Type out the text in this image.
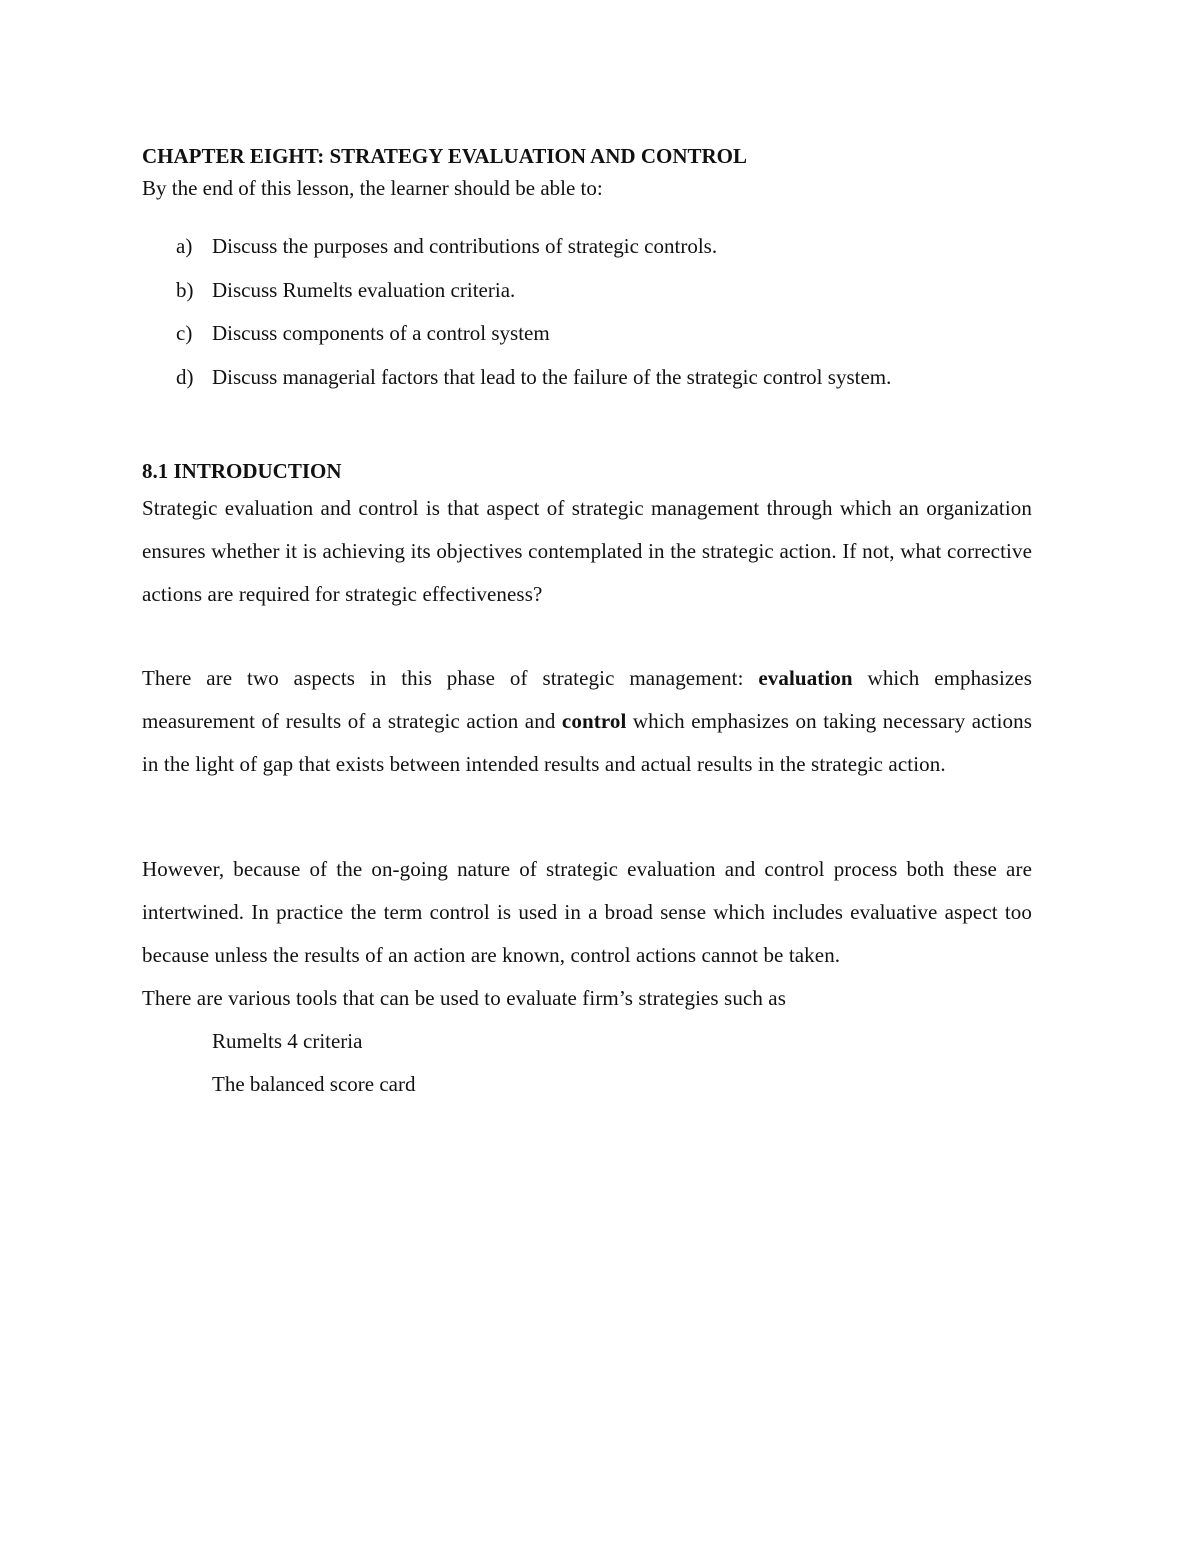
CHAPTER EIGHT: STRATEGY EVALUATION AND CONTROL

By the end of this lesson, the learner should be able to:

a) Discuss the purposes and contributions of strategic controls.
b) Discuss Rumelts evaluation criteria.
c) Discuss components of a control system
d) Discuss managerial factors that lead to the failure of the strategic control system.
8.1 INTRODUCTION

Strategic evaluation and control is that aspect of strategic management through which an organization ensures whether it is achieving its objectives contemplated in the strategic action. If not, what corrective actions are required for strategic effectiveness?

There are two aspects in this phase of strategic management: evaluation which emphasizes measurement of results of a strategic action and control which emphasizes on taking necessary actions in the light of gap that exists between intended results and actual results in the strategic action.

However, because of the on-going nature of strategic evaluation and control process both these are intertwined. In practice the term control is used in a broad sense which includes evaluative aspect too because unless the results of an action are known, control actions cannot be taken.

There are various tools that can be used to evaluate firm’s strategies such as

Rumelts 4 criteria
The balanced score card
